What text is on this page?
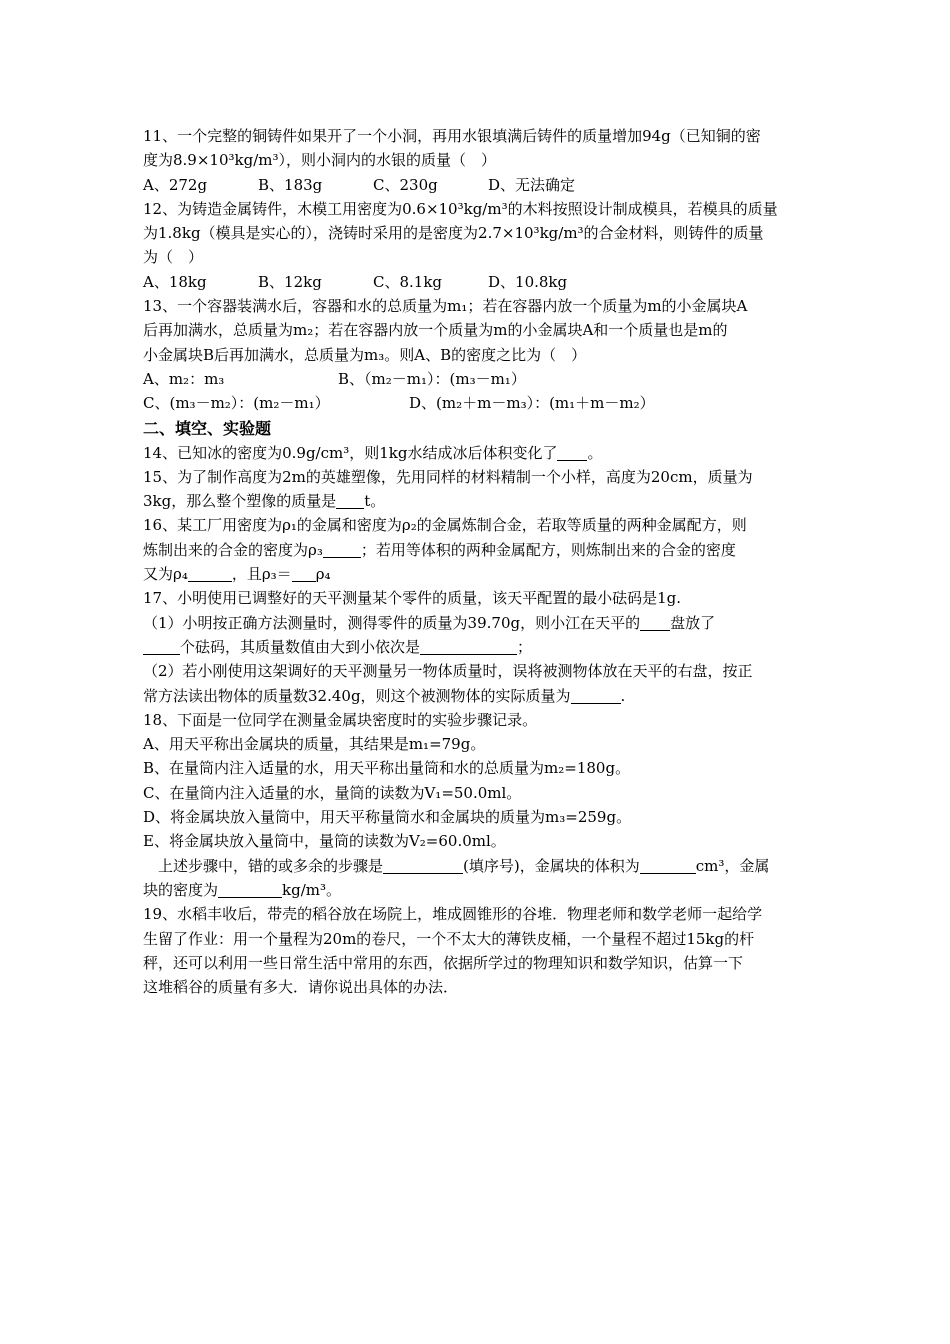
11、一个完整的铜铸件如果开了一个小洞，再用水银填满后铸件的质量增加94g（已知铜的密

度为8.9×10³kg/m³），则小洞内的水银的质量（　）

A、272g	B、183g	C、230g	D、无法确定

12、为铸造金属铸件，木模工用密度为0.6×10³kg/m³的木料按照设计制成模具，若模具的质量

为1.8kg（模具是实心的），浇铸时采用的是密度为2.7×10³kg/m³的合金材料，则铸件的质量

为（　）

A、18kg	B、12kg	C、8.1kg	D、10.8kg

13、一个容器装满水后，容器和水的总质量为m₁；若在容器内放一个质量为m的小金属块A

后再加满水，总质量为m₂；若在容器内放一个质量为m的小金属块A和一个质量也是m的

小金属块B后再加满水，总质量为m₃。则A、B的密度之比为（　）

A、m₂：m₃	B、（m₂－m₁）：(m₃－m₁）

C、(m₃－m₂）：(m₂－m₁）	D、(m₂＋m－m₃）：(m₁＋m－m₂）

二、填空、实验题

14、已知冰的密度为0.9g/cm³，则1kg水结成冰后体积变化了 。

15、为了制作高度为2m的英雄塑像，先用同样的材料精制一个小样，高度为20cm，质量为

3kg，那么整个塑像的质量是 t。

16、某工厂用密度为ρ₁的金属和密度为ρ₂的金属炼制合金，若取等质量的两种金属配方，则

炼制出来的合金的密度为ρ₃	；若用等体积的两种金属配方，则炼制出来的合金的密度

又为ρ₄	，且ρ₃＝ ρ₄

17、小明使用已调整好的天平测量某个零件的质量，该天平配置的最小砝码是1g.

（1）小明按正确方法测量时，测得零件的质量为39.70g，则小江在天平的 盘放了

个砝码，其质量数值由大到小依次是	；

（2）若小刚使用这架调好的天平测量另一物体质量时，误将被测物体放在天平的右盘，按正

常方法读出物体的质量数32.40g，则这个被测物体的实际质量为	.

18、下面是一位同学在测量金属块密度时的实验步骤记录。

A、用天平称出金属块的质量，其结果是m₁=79g。

B、在量筒内注入适量的水，用天平称出量筒和水的总质量为m₂=180g。

C、在量筒内注入适量的水，量筒的读数为V₁=50.0ml。

D、将金属块放入量筒中，用天平称量筒水和金属块的质量为m₃=259g。

E、将金属块放入量筒中，量筒的读数为V₂=60.0ml。

上述步骤中，错的或多余的步骤是	(填序号)，金属块的体积为	cm³，金属

块的密度为	kg/m³。

19、水稻丰收后，带壳的稻谷放在场院上，堆成圆锥形的谷堆．物理老师和数学老师一起给学

生留了作业：用一个量程为20m的卷尺，一个不太大的薄铁皮桶，一个量程不超过15kg的杆

秤，还可以利用一些日常生活中常用的东西，依据所学过的物理知识和数学知识，估算一下

这堆稻谷的质量有多大．请你说出具体的办法．
